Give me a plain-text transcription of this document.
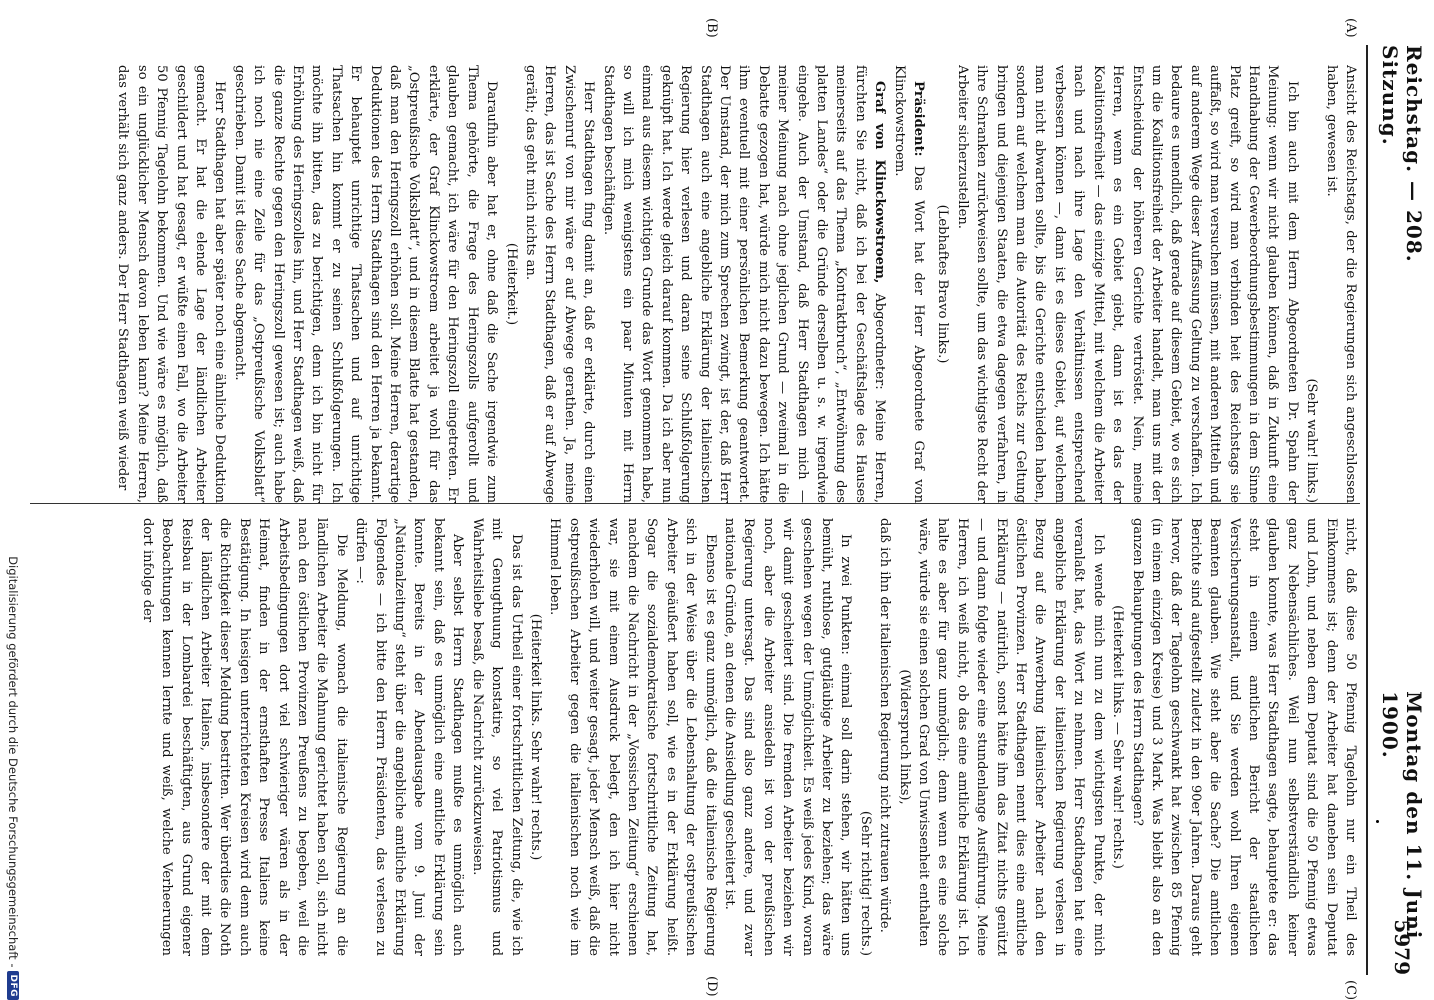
Reichstag. — 208. Sitzung.
Montag den 11. Juni 1900.
5979
(A)
(B)
(C)
(D)

Ansicht des Reichstags, der die Regierungen sich angeschlossen haben, gewesen ist.

(Sehr wahr! links.)

Ich bin auch mit dem Herrn Abgeordneten Dr. Spahn der Meinung: wenn wir nicht glauben können, daß in Zukunft eine Handhabung der Gewerbeordnungsbestimmungen in dem Sinne Platz greift, so wird man verbinden heit des Reichstags sie auffaßt, so wird man versuchen müssen, mit anderen Mitteln und auf anderem Wege dieser Auffassung Geltung zu verschaffen. Ich bedaure es unendlich, daß gerade auf diesem Gebiet, wo es sich um die Koalitionsfreiheit der Arbeiter handelt, man uns mit der Entscheidung der höheren Gerichte vertröstet. Nein, meine Herren, wenn es ein Gebiet giebt, dann ist es das der Koalitionsfreiheit — das einzige Mittel, mit welchem die Arbeiter nach und nach ihre Lage den Verhältnissen entsprechend verbessern können —, dann ist es dieses Gebiet, auf welchem man nicht abwarten sollte, bis die Gerichte entschieden haben, sondern auf welchem man die Autorität des Reichs zur Geltung bringen und diejenigen Staaten, die etwa dagegen verfahren, in ihre Schranken zurückweisen sollte, um das wichtigste Recht der Arbeiter sicherzustellen.

(Lebhaftes Bravo links.)

Präsident: Das Wort hat der Herr Abgeordnete Graf von Klinckowstroem.

Graf von Klinckowstroem, Abgeordneter: Meine Herren, fürchten Sie nicht, daß ich bei der Geschäftslage des Hauses meinerseits auf das Thema „Kontraktbruch“, „Entwöhnung des platten Landes“ oder die Gründe derselben u. s. w. irgendwie eingehe. Auch der Umstand, daß Herr Stadthagen mich — meiner Meinung nach ohne jeglichen Grund — zweimal in die Debatte gezogen hat, würde mich nicht dazu bewegen. Ich hätte ihm eventuell mit einer persönlichen Bemerkung geantwortet. Der Umstand, der mich zum Sprechen zwingt, ist der, daß Herr Stadthagen auch eine angebliche Erklärung der italienischen Regierung hier verlesen und daran seine Schlußfolgerung geknüpft hat. Ich werde gleich darauf kommen. Da ich aber nun einmal aus diesem wichtigen Grunde das Wort genommen habe, so will ich mich wenigstens ein paar Minuten mit Herrn Stadthagen beschäftigen.

Herr Stadthagen fing damit an, daß er erklärte, durch einen Zwischenruf von mir wäre er auf Abwege gerathen. Ja, meine Herren, das ist Sache des Herrn Stadthagen, daß er auf Abwege geräth; das geht mich nichts an.

(Heiterkeit.)

Daraufhin aber hat er, ohne daß die Sache irgendwie zum Thema gehörte, die Frage des Heringszolls aufgerollt und glauben gemacht, ich wäre für den Heringszoll eingetreten. Er erklärte, der Graf Klinckowstroem arbeitet ja wohl für das „Ostpreußische Volksblatt“, und in diesem Blatte hat gestanden, daß man den Heringszoll erhöhen soll. Meine Herren, derartige Deduktionen des Herrn Stadthagen sind den Herren ja bekannt. Er behauptet unrichtige Thatsachen und auf unrichtige Thatsachen hin kommt er zu seinen Schlußfolgerungen. Ich möchte ihn bitten, das zu berichtigen, denn ich bin nicht für Erhöhung des Heringszolles hin, und Herr Stadthagen weiß, daß die ganze Rechte gegen den Heringszoll gewesen ist; auch habe ich noch nie eine Zeile für das „Ostpreußische Volksblatt“ geschrieben. Damit ist diese Sache abgemacht.

Herr Stadthagen hat aber später noch eine ähnliche Deduktion gemacht. Er hat die elende Lage der ländlichen Arbeiter geschildert und hat gesagt, er wüßte einen Fall, wo die Arbeiter 50 Pfennig Tagelohn bekommen. Und wie wäre es möglich, daß so ein unglücklicher Mensch davon leben kann? Meine Herren, das verhält sich ganz anders. Der Herr Stadthagen weiß wieder

nicht, daß diese 50 Pfennig Tagelohn nur ein Theil des Einkommens ist; denn der Arbeiter hat daneben sein Deputat und Lohn, und neben dem Deputat sind die 50 Pfennig etwas ganz Nebensächliches. Weil nun selbstverständlich keiner glauben konnte, was Herr Stadthagen sagte, behauptete er: das steht in einem amtlichen Bericht der staatlichen Versicherungsanstalt, und Sie werden wohl Ihren eigenen Beamten glauben. Wie steht aber die Sache? Die amtlichen Berichte sind aufgestellt zuletzt in den 90er Jahren. Daraus geht hervor, daß der Tagelohn geschwankt hat zwischen 85 Pfennig (in einem einzigen Kreise) und 3 Mark. Was bleibt also an den ganzen Behauptungen des Herrn Stadthagen?

(Heiterkeit links. — Sehr wahr! rechts.)

Ich wende mich nun zu dem wichtigsten Punkte, der mich veranlaßt hat, das Wort zu nehmen. Herr Stadthagen hat eine angebliche Erklärung der italienischen Regierung verlesen in Bezug auf die Anwerbung italienischer Arbeiter nach den östlichen Provinzen. Herr Stadthagen nennt dies eine amtliche Erklärung — natürlich, sonst hätte ihm das Zitat nichts genützt — und dann folgte wieder eine stundenlange Ausführung. Meine Herren, ich weiß nicht, ob das eine amtliche Erklärung ist. Ich halte es aber für ganz unmöglich; denn wenn es eine solche wäre, würde sie einen solchen Grad von Unwissenheit enthalten

(Widerspruch links),

daß ich ihn der italienischen Regierung nicht zutrauen würde.

(Sehr richtig! rechts.)

In zwei Punkten: einmal soll darin stehen, wir hätten uns bemüht, ruthlose, gutgläubige Arbeiter zu beziehen; das wäre geschehen wegen der Unmöglichkeit. Es weiß jedes Kind, woran wir damit gescheitert sind. Die fremden Arbeiter beziehen wir noch, aber die Arbeiter ansiedeln ist von der preußischen Regierung untersagt. Das sind also ganz andere, und zwar nationale Gründe, an denen die Ansiedlung gescheitert ist.

Ebenso ist es ganz unmöglich, daß die italienische Regierung sich in der Weise über die Lebenshaltung der ostpreußischen Arbeiter geäußert haben soll, wie es in der Erklärung heißt. Sogar die sozialdemokratische fortschrittliche Zeitung hat, nachdem die Nachricht in der „Vossischen Zeitung“ erschienen war, sie mit einem Ausdruck belegt, den ich hier nicht wiederholen will, und weiter gesagt, jeder Mensch weiß, daß die ostpreußischen Arbeiter gegen die italienischen noch wie im Himmel leben.

(Heiterkeit links. Sehr wahr! rechts.)

Das ist das Urtheil einer fortschrittlichen Zeitung, die, wie ich mit Genugthuung konstatire, so viel Patriotismus und Wahrheitsliebe besaß, die Nachricht zurückzuweisen.

Aber selbst Herrn Stadthagen mußte es unmöglich auch bekannt sein, daß es unmöglich eine amtliche Erklärung sein konnte. Bereits in der Abendausgabe vom 9. Juni der „Nationalzeitung“ steht über die angebliche amtliche Erklärung Folgendes — ich bitte den Herrn Präsidenten, das verlesen zu dürfen —:

Die Meldung, wonach die italienische Regierung an die ländlichen Arbeiter die Mahnung gerichtet haben soll, sich nicht nach den östlichen Provinzen Preußens zu begeben, weil die Arbeitsbedingungen dort viel schwieriger wären als in der Heimat, finden in der ernsthaften Presse Italiens keine Bestätigung. In hiesigen unterrichteten Kreisen wird denn auch die Richtigkeit dieser Meldung bestritten. Wer überdies die Noth der ländlichen Arbeiter Italiens, insbesondere der mit dem Reisbau in der Lombardei beschäftigten, aus Grund eigener Beobachtungen kennen lernte und weiß, welche Verheerungen dort infolge der

Digitalisierung gefördert durch die Deutsche Forschungsgemeinschaft -
DFG
